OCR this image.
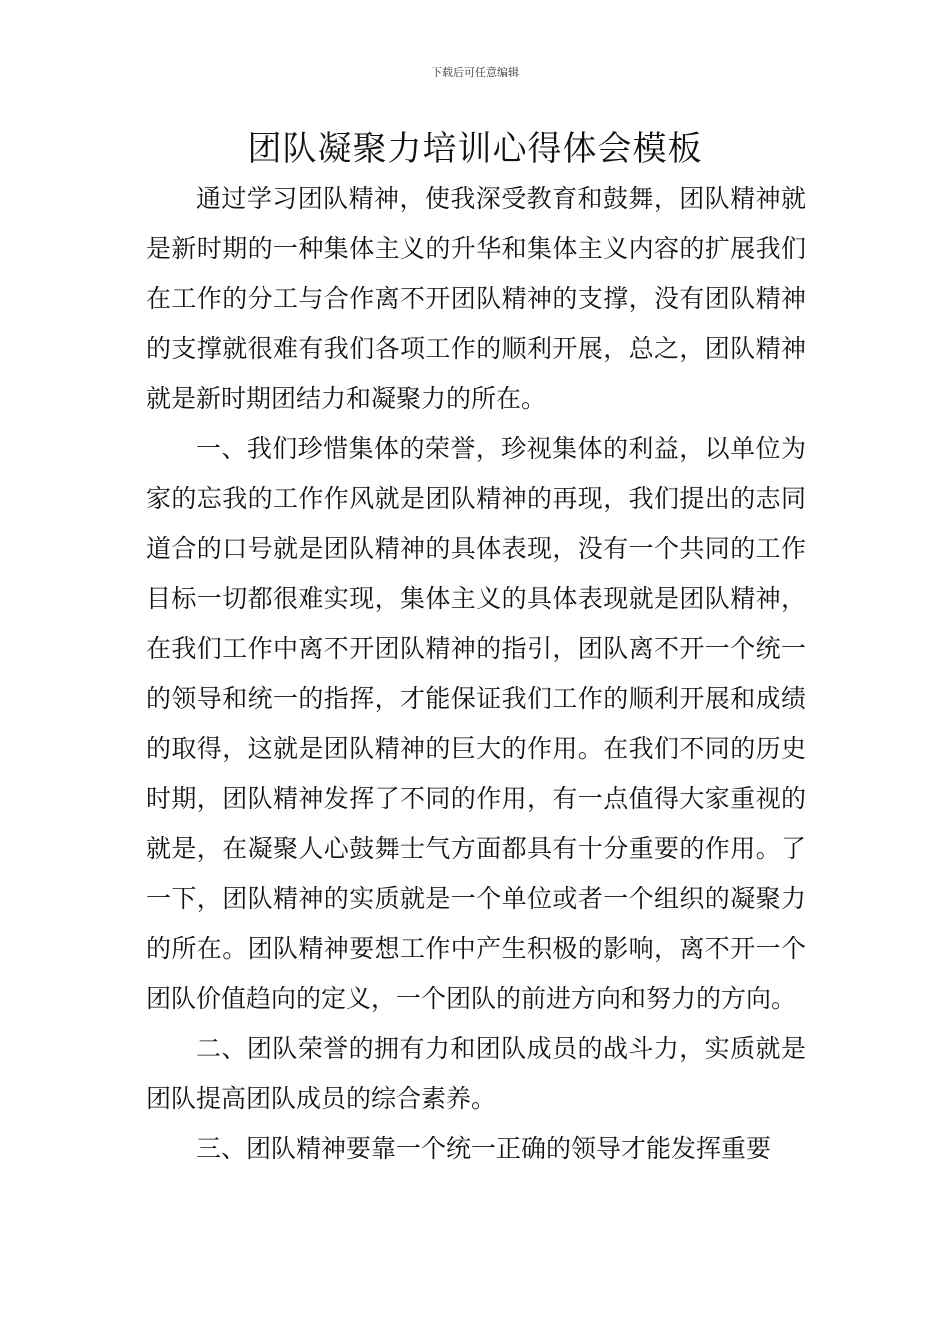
下载后可任意编辑
团队凝聚力培训心得体会模板

通过学习团队精神，使我深受教育和鼓舞，团队精神就是新时期的一种集体主义的升华和集体主义内容的扩展我们在工作的分工与合作离不开团队精神的支撑，没有团队精神的支撑就很难有我们各项工作的顺利开展，总之，团队精神就是新时期团结力和凝聚力的所在。

一、我们珍惜集体的荣誉，珍视集体的利益，以单位为家的忘我的工作作风就是团队精神的再现，我们提出的志同道合的口号就是团队精神的具体表现，没有一个共同的工作目标一切都很难实现，集体主义的具体表现就是团队精神，在我们工作中离不开团队精神的指引，团队离不开一个统一的领导和统一的指挥，才能保证我们工作的顺利开展和成绩的取得，这就是团队精神的巨大的作用。在我们不同的历史时期，团队精神发挥了不同的作用，有一点值得大家重视的就是，在凝聚人心鼓舞士气方面都具有十分重要的作用。了一下，团队精神的实质就是一个单位或者一个组织的凝聚力的所在。团队精神要想工作中产生积极的影响，离不开一个团队价值趋向的定义，一个团队的前进方向和努力的方向。

二、团队荣誉的拥有力和团队成员的战斗力，实质就是团队提高团队成员的综合素养。

三、团队精神要靠一个统一正确的领导才能发挥重要
